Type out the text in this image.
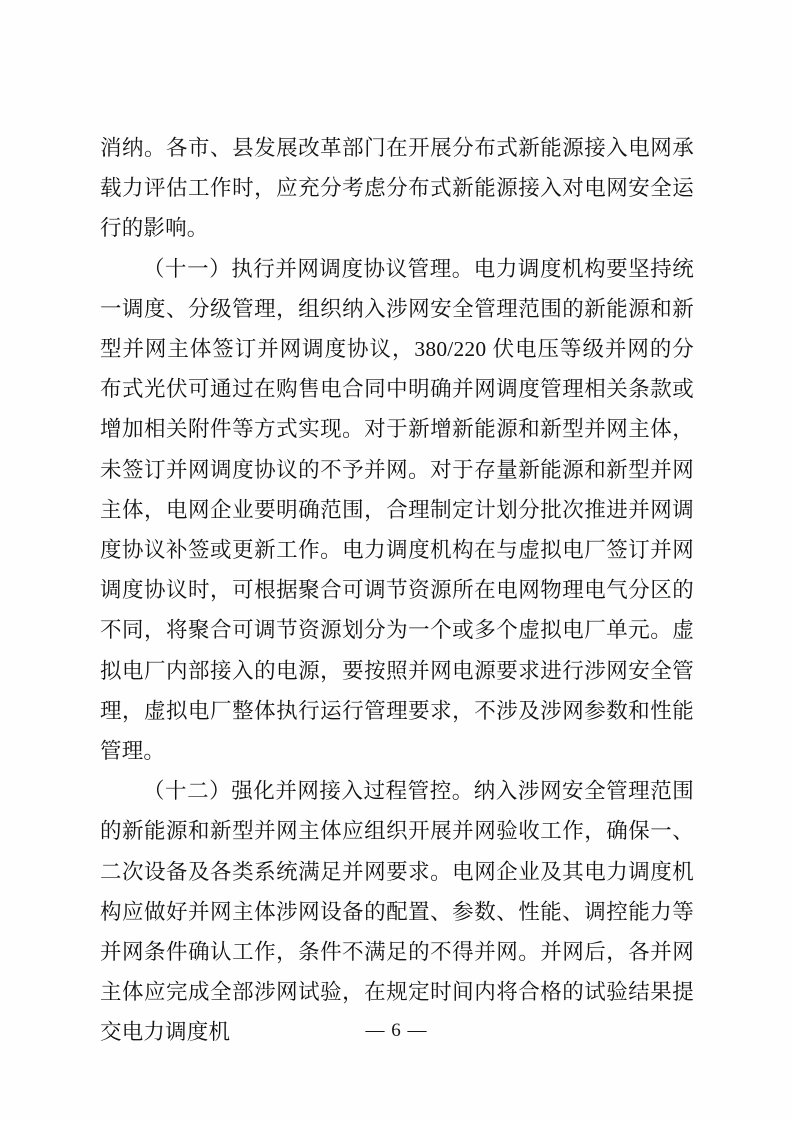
消纳。各市、县发展改革部门在开展分布式新能源接入电网承载力评估工作时，应充分考虑分布式新能源接入对电网安全运行的影响。

（十一）执行并网调度协议管理。电力调度机构要坚持统一调度、分级管理，组织纳入涉网安全管理范围的新能源和新型并网主体签订并网调度协议，380/220 伏电压等级并网的分布式光伏可通过在购售电合同中明确并网调度管理相关条款或增加相关附件等方式实现。对于新增新能源和新型并网主体，未签订并网调度协议的不予并网。对于存量新能源和新型并网主体，电网企业要明确范围，合理制定计划分批次推进并网调度协议补签或更新工作。电力调度机构在与虚拟电厂签订并网调度协议时，可根据聚合可调节资源所在电网物理电气分区的不同，将聚合可调节资源划分为一个或多个虚拟电厂单元。虚拟电厂内部接入的电源，要按照并网电源要求进行涉网安全管理，虚拟电厂整体执行运行管理要求，不涉及涉网参数和性能管理。

（十二）强化并网接入过程管控。纳入涉网安全管理范围的新能源和新型并网主体应组织开展并网验收工作，确保一、二次设备及各类系统满足并网要求。电网企业及其电力调度机构应做好并网主体涉网设备的配置、参数、性能、调控能力等并网条件确认工作，条件不满足的不得并网。并网后，各并网主体应完成全部涉网试验，在规定时间内将合格的试验结果提交电力调度机	— 6 —
